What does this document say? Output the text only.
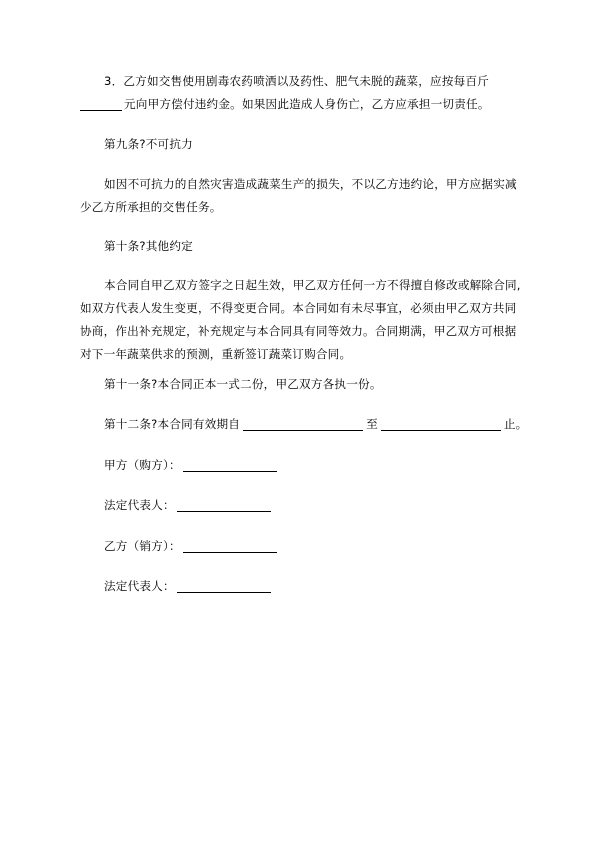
3．乙方如交售使用剧毒农药喷洒以及药性、肥气未脱的蔬菜，应按每百斤
元向甲方偿付违约金。如果因此造成人身伤亡，乙方应承担一切责任。
第九条?不可抗力
如因不可抗力的自然灾害造成蔬菜生产的损失，不以乙方违约论，甲方应据实减
少乙方所承担的交售任务。
第十条?其他约定
本合同自甲乙双方签字之日起生效，甲乙双方任何一方不得擅自修改或解除合同,
如双方代表人发生变更，不得变更合同。本合同如有未尽事宜，必须由甲乙双方共同
协商，作出补充规定，补充规定与本合同具有同等效力。合同期满，甲乙双方可根据
对下一年蔬菜供求的预测，重新签订蔬菜订购合同。
第十一条?本合同正本一式二份，甲乙双方各执一份。
第十二条?本合同有效期自	至	止。
甲方（购方）：
法定代表人：
乙方（销方）：
法定代表人：
